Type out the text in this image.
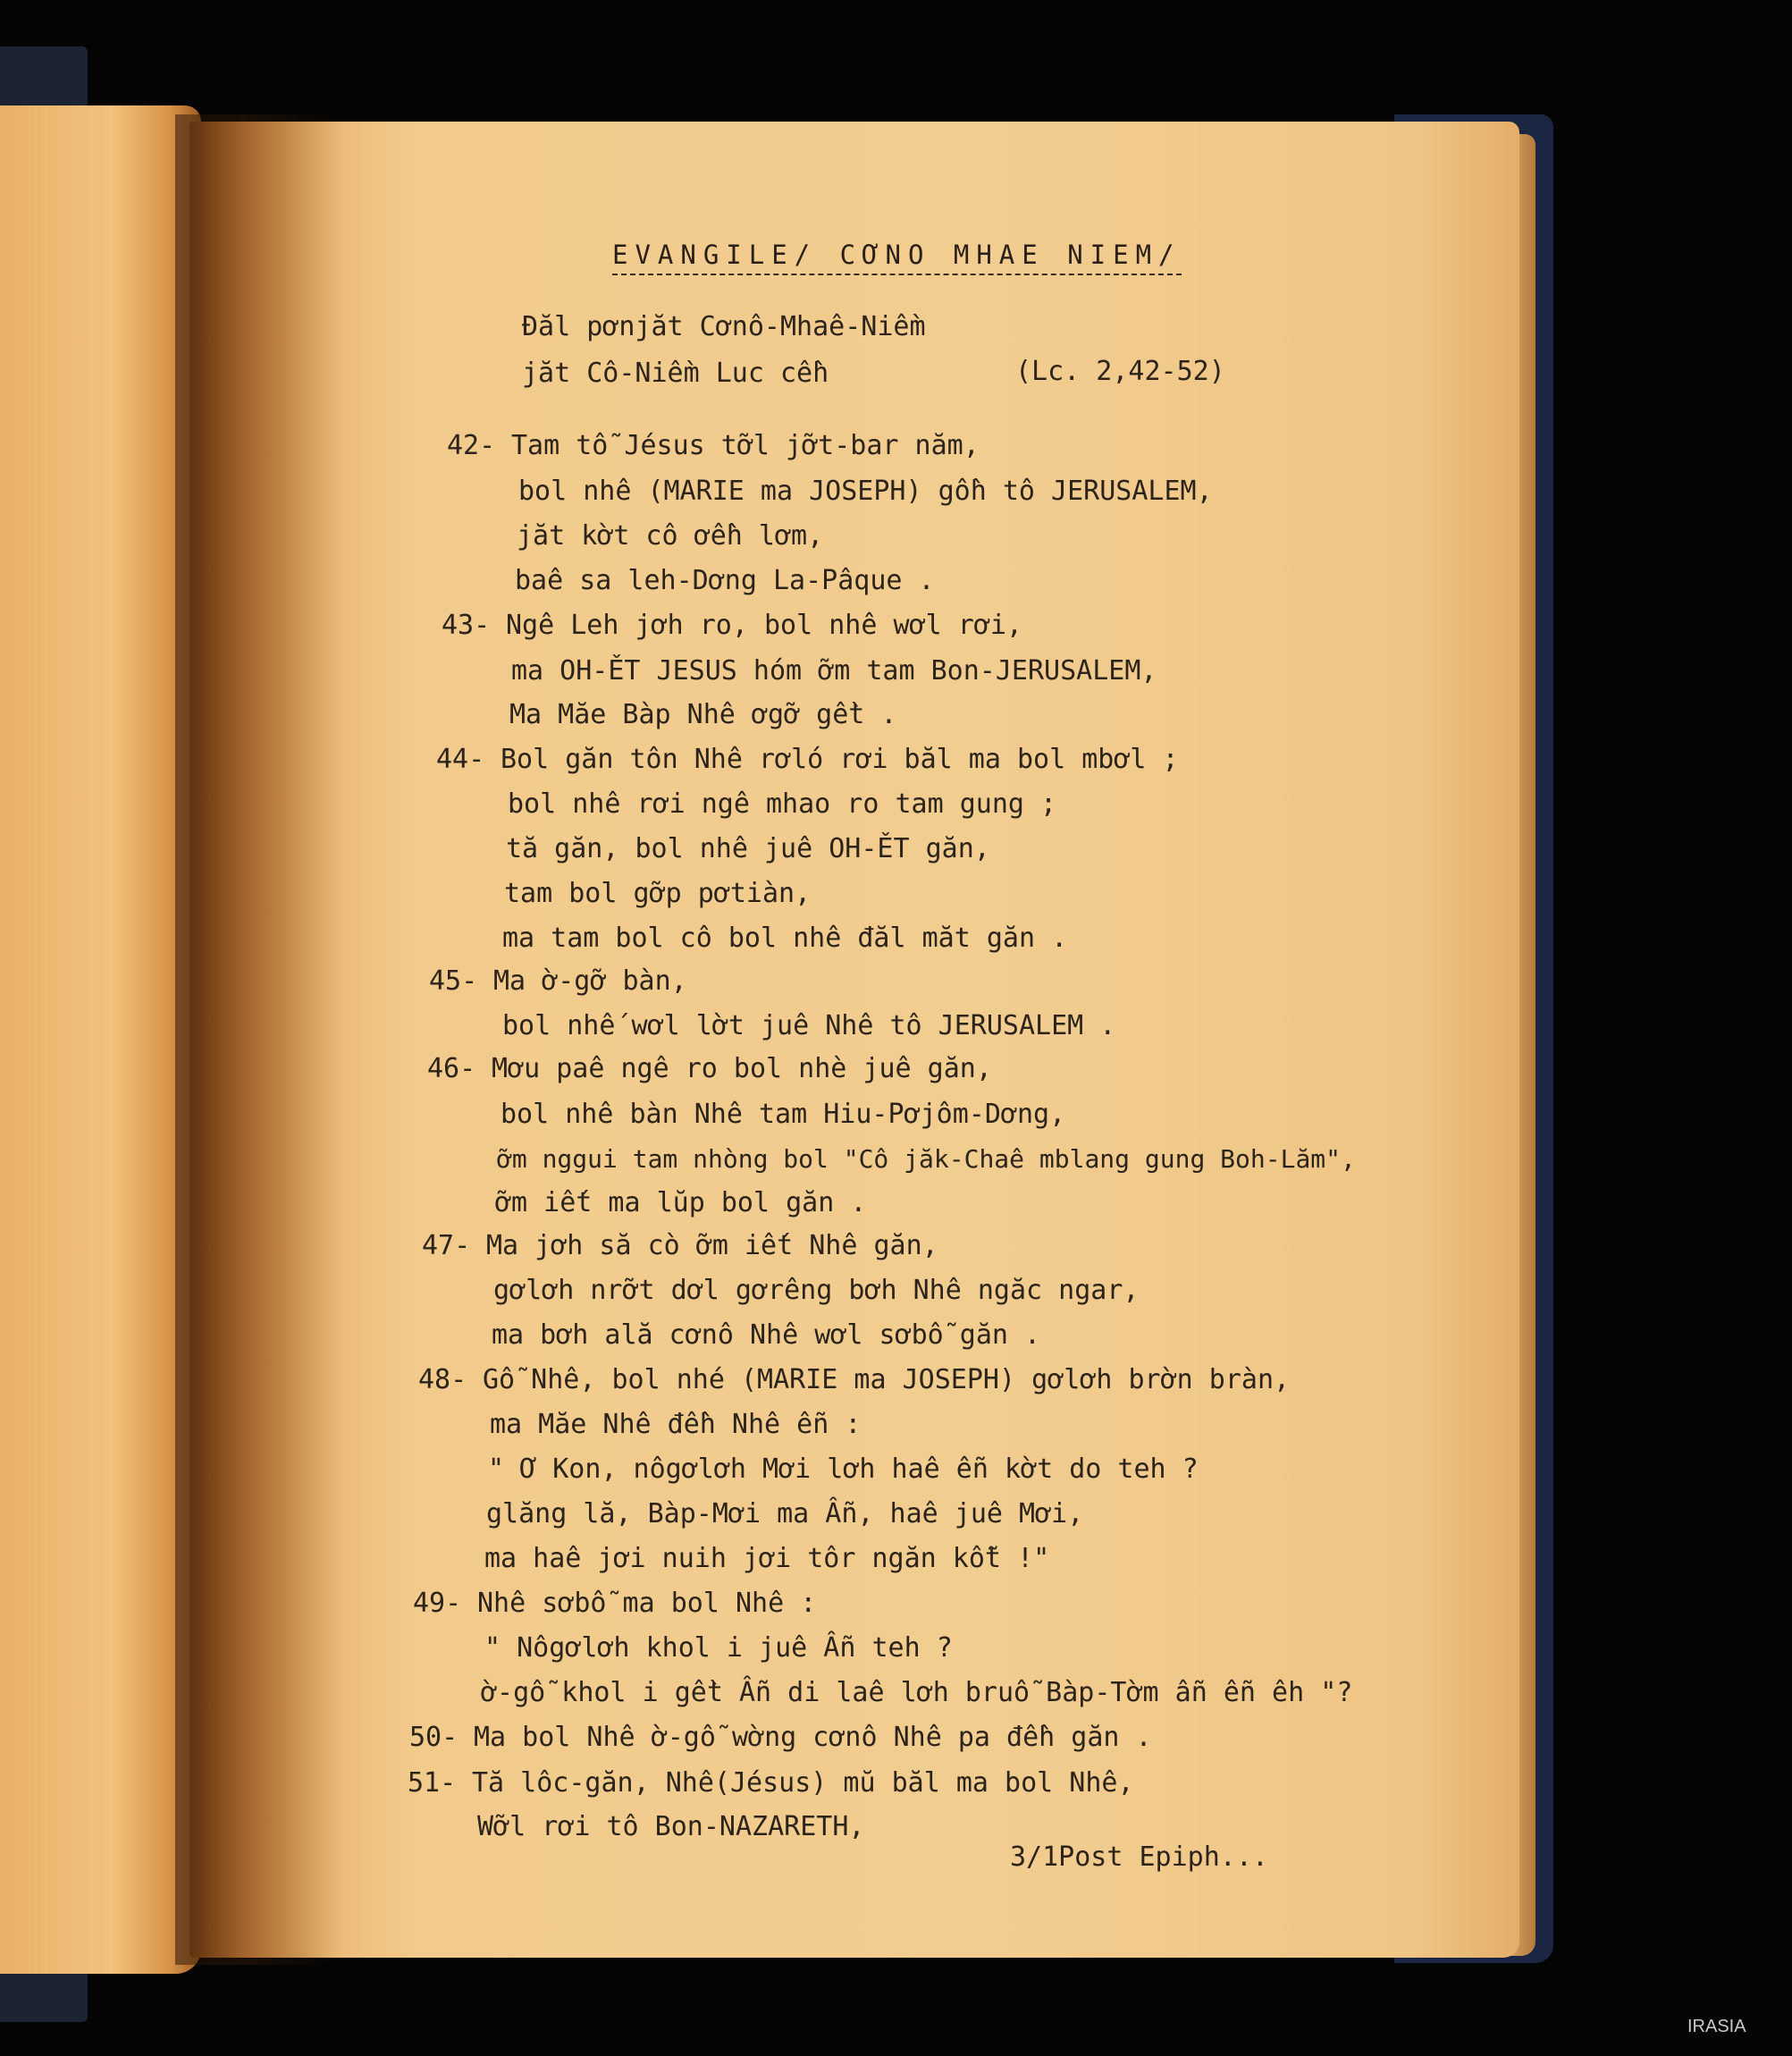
EVANGILE/ CƠNO MHAE NIEM/
Đăl pơnjăt Cơnô-Mhaê-Niềm
jăt Cô-Niềm Luc cềh	(Lc. 2,42-52)
42- Tam tỗ Jésus tỡl jỡt-bar năm,
bol nhê (MARIE ma JOSEPH) gồh tô JERUSALEM,
jăt kờt cô ơềh lơm,
baê sa leh-Dơng La-Pâque .
43- Ngê Leh jơh ro, bol nhê wơl rơi,
ma OH-ĚT JESUS hóm ỡm tam Bon-JERUSALEM,
Ma Măe Bàp Nhê ơgỡ gềt .
44- Bol găn tôn Nhê rơló rơi băl ma bol mbơl ;
bol nhê rơi ngê mhao ro tam gung ;
tă găn, bol nhê juê OH-ĚT găn,
tam bol gỡp pơtiàn,
ma tam bol cô bol nhê đăl măt găn .
45- Ma ờ-gỡ bàn,
bol nhế wơl lờt juê Nhê tô JERUSALEM .
46- Mơu paê ngê ro bol nhè juê găn,
bol nhê bàn Nhê tam Hiu-Pơjôm-Dơng,
ỡm nggui tam nhòng bol "Cô jăk-Chaê mblang gung Boh-Lăm",
ỡm iết ma lŭp bol găn .
47- Ma jơh să cò ỡm iết Nhê găn,
gơlơh nrỡt dơl gơrêng bơh Nhê ngăc ngar,
ma bơh ală cơnô Nhê wơl sơbỗ găn .
48- Gỗ Nhê, bol nhé (MARIE ma JOSEPH) gơlơh brờn bràn,
ma Măe Nhê đềh Nhê ễn :
" Ơ Kon, nôgơlơh Mơi lơh haê ễn kờt do teh ?
glăng lă, Bàp-Mơi ma Ẫn, haê juê Mơi,
ma haê jơi nuih jơi tôr ngăn kỗt !"
49- Nhê sơbỗ ma bol Nhê :
" Nôgơlơh khol i juê Ẫn teh ?
ờ-gỗ khol i gềt Ẫn di laê lơh bruỗ Bàp-Tờm ẫn ễn êh "?
50- Ma bol Nhê ờ-gỗ wờng cơnô Nhê pa đềh găn .
51- Tă lôc-găn, Nhê(Jésus) mŭ băl ma bol Nhê,
Wỡl rơi tô Bon-NAZARETH,
3/1Post Epiph...
IRASIA
